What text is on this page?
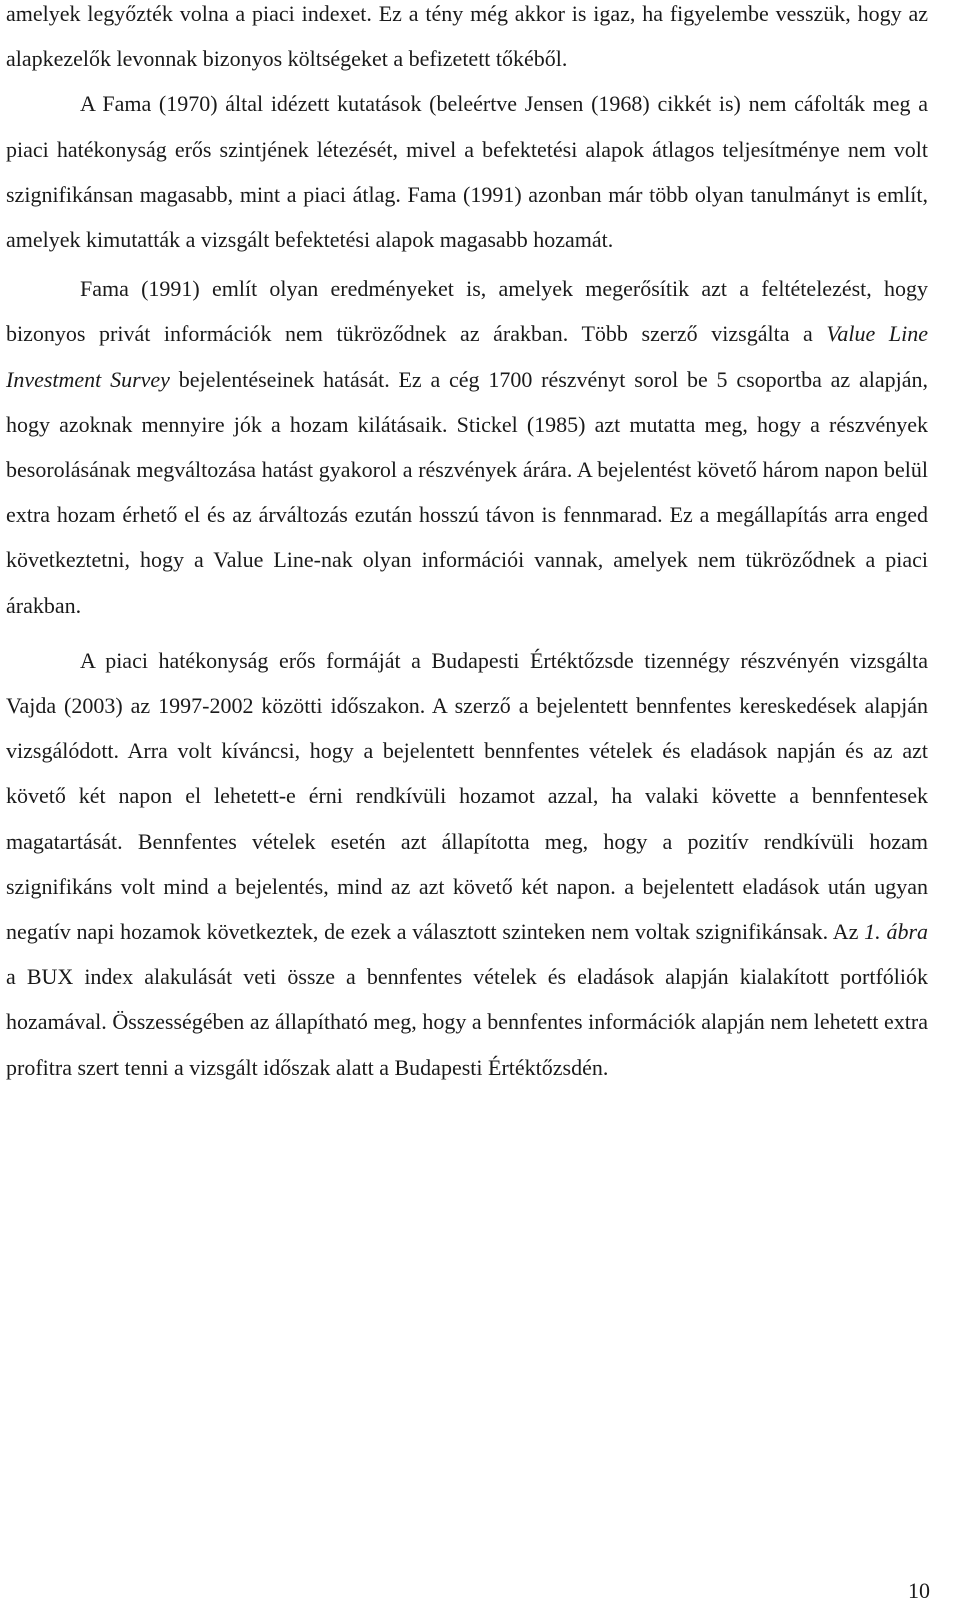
amelyek legyőzték volna a piaci indexet. Ez a tény még akkor is igaz, ha figyelembe vesszük, hogy az alapkezelők levonnak bizonyos költségeket a befizetett tőkéből.

A Fama (1970) által idézett kutatások (beleértve Jensen (1968) cikkét is) nem cáfolták meg a piaci hatékonyság erős szintjének létezését, mivel a befektetési alapok átlagos teljesítménye nem volt szignifikánsan magasabb, mint a piaci átlag. Fama (1991) azonban már több olyan tanulmányt is említ, amelyek kimutatták a vizsgált befektetési alapok magasabb hozamát.

Fama (1991) említ olyan eredményeket is, amelyek megerősítik azt a feltételezést, hogy bizonyos privát információk nem tükröződnek az árakban. Több szerző vizsgálta a Value Line Investment Survey bejelentéseinek hatását. Ez a cég 1700 részvényt sorol be 5 csoportba az alapján, hogy azoknak mennyire jók a hozam kilátásaik. Stickel (1985) azt mutatta meg, hogy a részvények besorolásának megváltozása hatást gyakorol a részvények árára. A bejelentést követő három napon belül extra hozam érhető el és az árváltozás ezután hosszú távon is fennmarad. Ez a megállapítás arra enged következtetni, hogy a Value Line-nak olyan információi vannak, amelyek nem tükröződnek a piaci árakban.

A piaci hatékonyság erős formáját a Budapesti Értéktőzsde tizennégy részvényén vizsgálta Vajda (2003) az 1997-2002 közötti időszakon. A szerző a bejelentett bennfentes kereskedések alapján vizsgálódott. Arra volt kíváncsi, hogy a bejelentett bennfentes vételek és eladások napján és az azt követő két napon el lehetett-e érni rendkívüli hozamot azzal, ha valaki követte a bennfentesek magatartását. Bennfentes vételek esetén azt állapította meg, hogy a pozitív rendkívüli hozam szignifikáns volt mind a bejelentés, mind az azt követő két napon. a bejelentett eladások után ugyan negatív napi hozamok következtek, de ezek a választott szinteken nem voltak szignifikánsak. Az 1. ábra a BUX index alakulását veti össze a bennfentes vételek és eladások alapján kialakított portfóliók hozamával. Összességében az állapítható meg, hogy a bennfentes információk alapján nem lehetett extra profitra szert tenni a vizsgált időszak alatt a Budapesti Értéktőzsdén.

10
